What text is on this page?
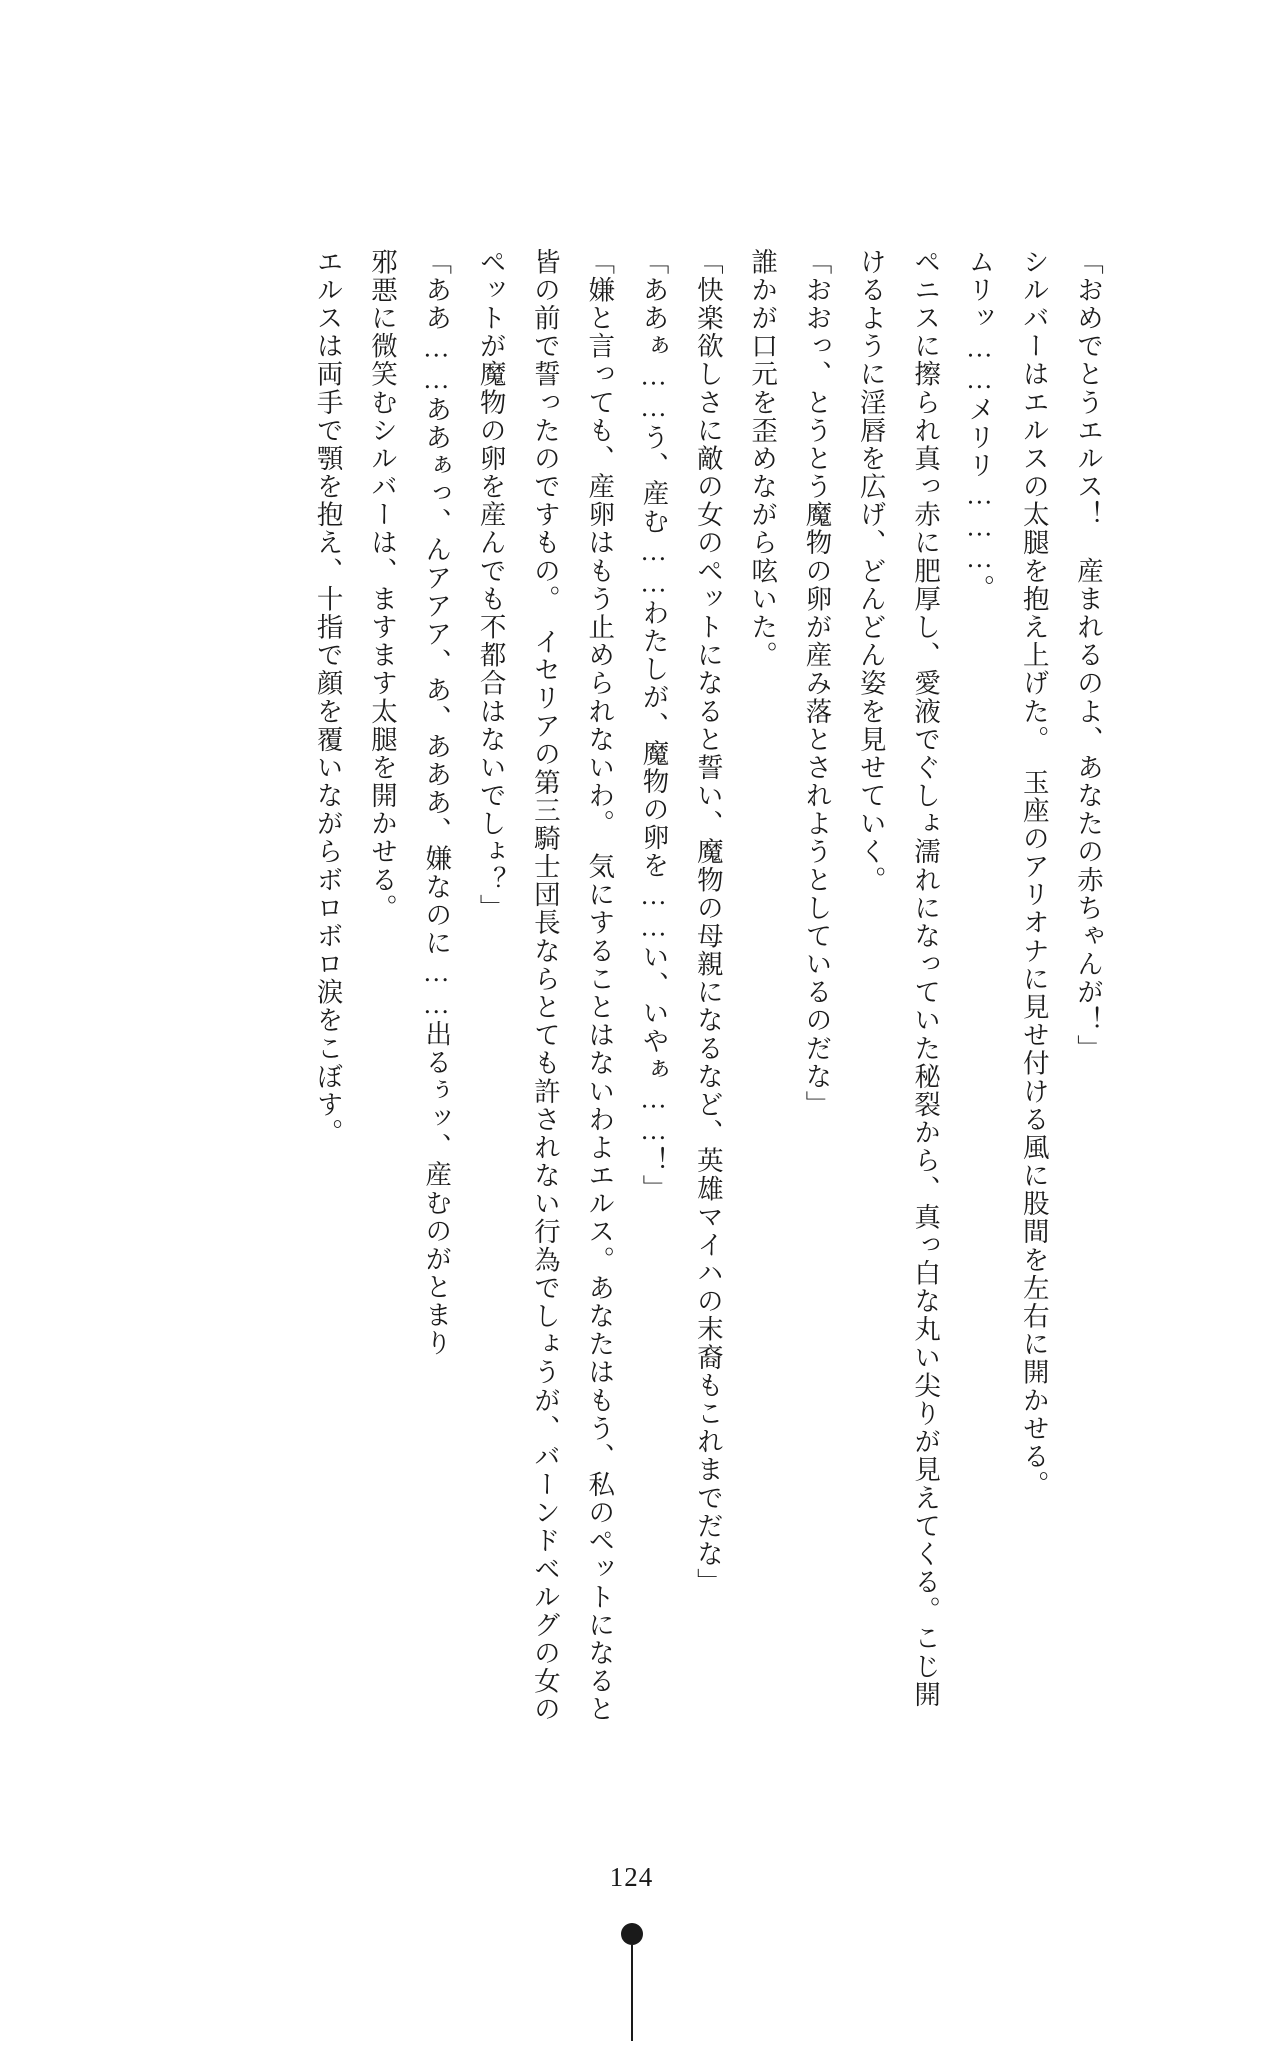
「おめでとうエルス！　産まれるのよ、あなたの赤ちゃんが！」

シルバーはエルスの太腿を抱え上げた。　玉座のアリオナに見せ付ける風に股間を左右に開かせる。

ムリッ……メリリ………。

ペニスに擦られ真っ赤に肥厚し、愛液でぐしょ濡れになっていた秘裂から、真っ白な丸い尖りが見えてくる。こじ開けるように淫唇を広げ、どんどん姿を見せていく。

「おおっ、とうとう魔物の卵が産み落とされようとしているのだな」

誰かが口元を歪めながら呟いた。

「快楽欲しさに敵の女のペットになると誓い、魔物の母親になるなど、英雄マイハの末裔もこれまでだな」

「ああぁ……う、産む……わたしが、魔物の卵を……い、いやぁ……！」

「嫌と言っても、産卵はもう止められないわ。　気にすることはないわよエルス。あなたはもう、私のペットになると皆の前で誓ったのですもの。　イセリアの第三騎士団長ならとても許されない行為でしょうが、バーンドベルグの女のペットが魔物の卵を産んでも不都合はないでしょ？」

「ああ……ああぁっ、んアアア、あ、あああ、嫌なのに……出るぅッ、産むのがとまり

邪悪に微笑むシルバーは、ますます太腿を開かせる。

エルスは両手で顎を抱え、十指で顔を覆いながらボロボロ涙をこぼす。

124
